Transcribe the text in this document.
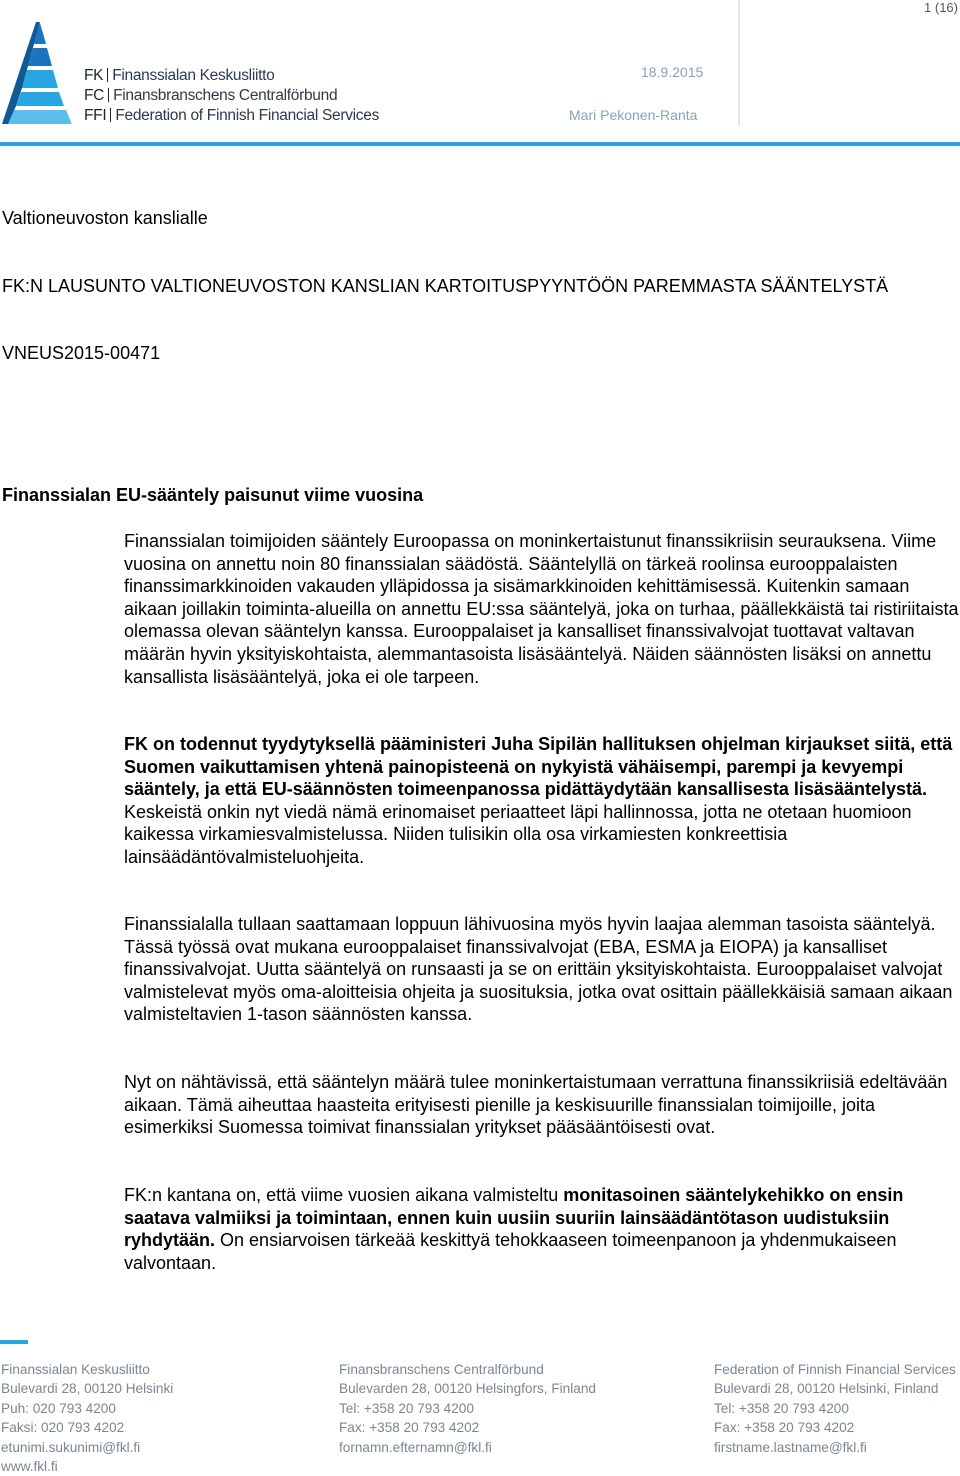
1 (16)
FK Finanssialan Keskusliitto
FC Finansbranschens Centralförbund
FFI Federation of Finnish Financial Services
18.9.2015
Mari Pekonen-Ranta
Valtioneuvoston kanslialle
FK:N LAUSUNTO VALTIONEUVOSTON KANSLIAN KARTOITUSPYYNTÖÖN PAREMMASTA SÄÄNTELYSTÄ
VNEUS2015-00471
Finanssialan EU-sääntely paisunut viime vuosina
Finanssialan toimijoiden sääntely Euroopassa on moninkertaistunut finanssikriisin seurauksena. Viime vuosina on annettu noin 80 finanssialan säädöstä. Sääntelyllä on tärkeä roolinsa eurooppalaisten finanssimarkkinoiden vakauden ylläpidossa ja sisämarkkinoiden kehittämisessä. Kuitenkin samaan aikaan joillakin toiminta-alueilla on annettu EU:ssa sääntelyä, joka on turhaa, päällekkäistä tai ristiriitaista olemassa olevan sääntelyn kanssa. Eurooppalaiset ja kansalliset finanssivalvojat tuottavat valtavan määrän hyvin yksityiskohtaista, alemmantasoista lisäsääntelyä. Näiden säännösten lisäksi on annettu kansallista lisäsääntelyä, joka ei ole tarpeen.
FK on todennut tyydytyksellä pääministeri Juha Sipilän hallituksen ohjelman kirjaukset siitä, että Suomen vaikuttamisen yhtenä painopisteenä on nykyistä vähäisempi, parempi ja kevyempi sääntely, ja että EU-säännösten toimeenpanossa pidättäydytään kansallisesta lisäsääntelystä. Keskeistä onkin nyt viedä nämä erinomaiset periaatteet läpi hallinnossa, jotta ne otetaan huomioon kaikessa virkamiesvalmistelussa. Niiden tulisikin olla osa virkamiesten konkreettisia lainsäädäntövalmisteluohjeita.
Finanssialalla tullaan saattamaan loppuun lähivuosina myös hyvin laajaa alemman tasoista sääntelyä. Tässä työssä ovat mukana eurooppalaiset finanssivalvojat (EBA, ESMA ja EIOPA) ja kansalliset finanssivalvojat. Uutta sääntelyä on runsaasti ja se on erittäin yksityiskohtaista. Eurooppalaiset valvojat valmistelevat myös oma-aloitteisia ohjeita ja suosituksia, jotka ovat osittain päällekkäisiä samaan aikaan valmisteltavien 1-tason säännösten kanssa.
Nyt on nähtävissä, että sääntelyn määrä tulee moninkertaistumaan verrattuna finanssikriisiä edeltävään aikaan. Tämä aiheuttaa haasteita erityisesti pienille ja keskisuurille finanssialan toimijoille, joita esimerkiksi Suomessa toimivat finanssialan yritykset pääsääntöisesti ovat.
FK:n kantana on, että viime vuosien aikana valmisteltu monitasoinen sääntelykehikko on ensin saatava valmiiksi ja toimintaan, ennen kuin uusiin suuriin lainsäädäntötason uudistuksiin ryhdytään. On ensiarvoisen tärkeää keskittyä tehokkaaseen toimeenpanoon ja yhdenmukaiseen valvontaan.
Finanssialan Keskusliitto
Bulevardi 28, 00120 Helsinki
Puh: 020 793 4200
Faksi: 020 793 4202
etunimi.sukunimi@fkl.fi
www.fkl.fi
Finansbranschens Centralförbund
Bulevarden 28, 00120 Helsingfors, Finland
Tel: +358 20 793 4200
Fax: +358 20 793 4202
fornamn.efternamn@fkl.fi
Federation of Finnish Financial Services
Bulevardi 28, 00120 Helsinki, Finland
Tel: +358 20 793 4200
Fax: +358 20 793 4202
firstname.lastname@fkl.fi
